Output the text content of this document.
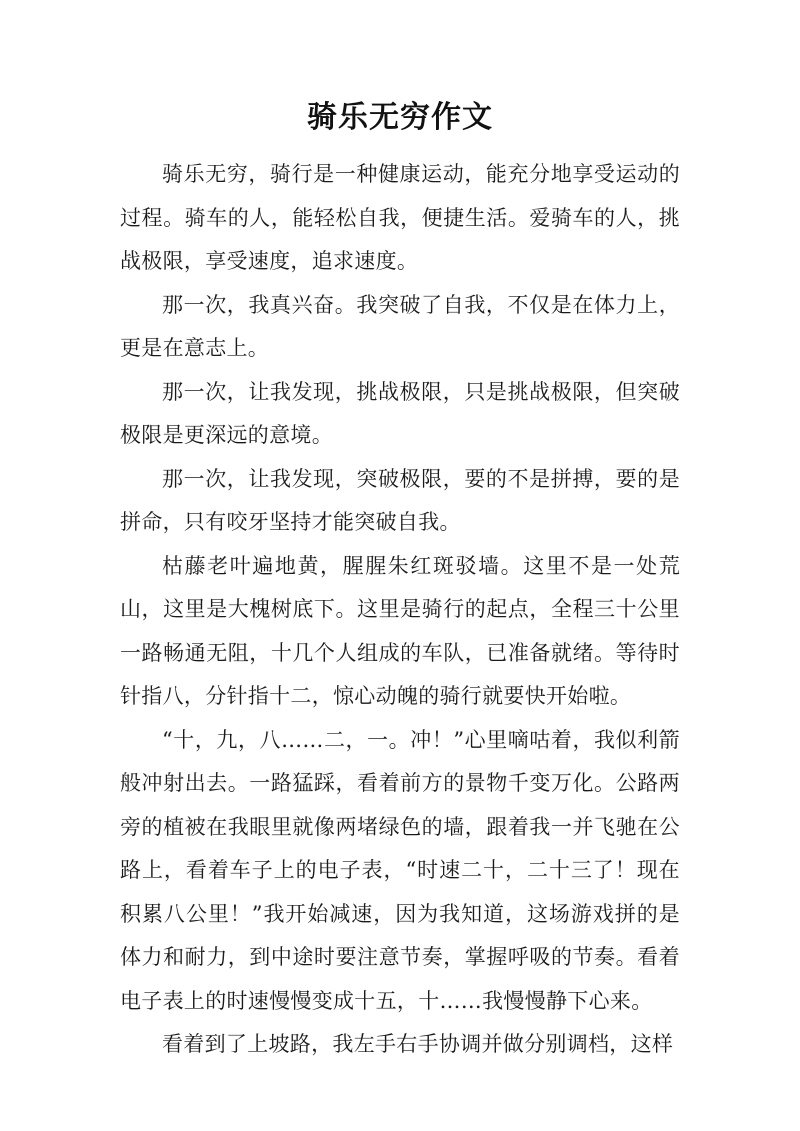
骑乐无穷作文

骑乐无穷，骑行是一种健康运动，能充分地享受运动的过程。骑车的人，能轻松自我，便捷生活。爱骑车的人，挑战极限，享受速度，追求速度。

那一次，我真兴奋。我突破了自我，不仅是在体力上，更是在意志上。

那一次，让我发现，挑战极限，只是挑战极限，但突破极限是更深远的意境。

那一次，让我发现，突破极限，要的不是拼搏，要的是拼命，只有咬牙坚持才能突破自我。

枯藤老叶遍地黄，腥腥朱红斑驳墙。这里不是一处荒山，这里是大槐树底下。这里是骑行的起点，全程三十公里一路畅通无阻，十几个人组成的车队，已准备就绪。等待时针指八，分针指十二，惊心动魄的骑行就要快开始啦。

“十，九，八……二，一。冲！”心里嘀咕着，我似利箭般冲射出去。一路猛踩，看着前方的景物千变万化。公路两旁的植被在我眼里就像两堵绿色的墙，跟着我一并飞驰在公路上，看着车子上的电子表，“时速二十，二十三了！现在积累八公里！”我开始减速，因为我知道，这场游戏拼的是体力和耐力，到中途时要注意节奏，掌握呼吸的节奏。看着电子表上的时速慢慢变成十五，十……我慢慢静下心来。

看着到了上坡路，我左手右手协调并做分别调档，这样
